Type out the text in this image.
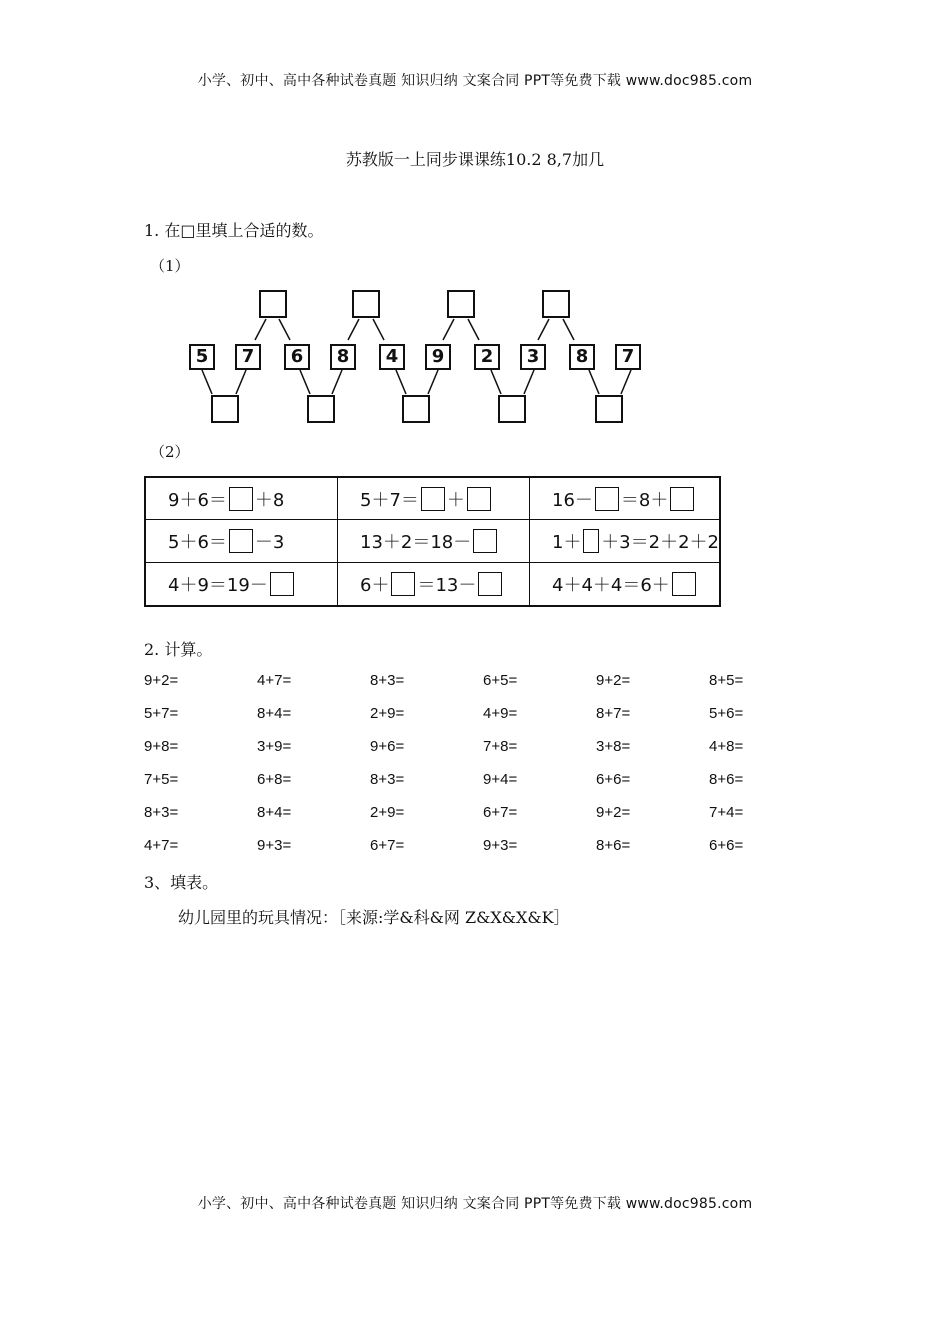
小学、初中、高中各种试卷真题 知识归纳 文案合同 PPT等免费下载 www.doc985.com
苏教版一上同步课课练10.2 8,7加几
1. 在□里填上合适的数。
（1）
5	7	6	8	4	9	2	3	8	7
（2）
9＋6＝ ＋8	5＋7＝ ＋	16－ ＝8＋
5＋6＝ －3	13＋2＝18－	1＋ ＋3＝2＋2＋2
4＋9＝19－	6＋ ＝13－	4＋4＋4＝6＋
2. 计算。
9+2=	4+7=	8+3=	6+5=	9+2=	8+5=
5+7=	8+4=	2+9=	4+9=	8+7=	5+6=
9+8=	3+9=	9+6=	7+8=	3+8=	4+8=
7+5=	6+8=	8+3=	9+4=	6+6=	8+6=
8+3=	8+4=	2+9=	6+7=	9+2=	7+4=
4+7=	9+3=	6+7=	9+3=	8+6=	6+6=
3、填表。
幼儿园里的玩具情况：［来源:学&科&网 Z&X&X&K］
小学、初中、高中各种试卷真题 知识归纳 文案合同 PPT等免费下载 www.doc985.com
